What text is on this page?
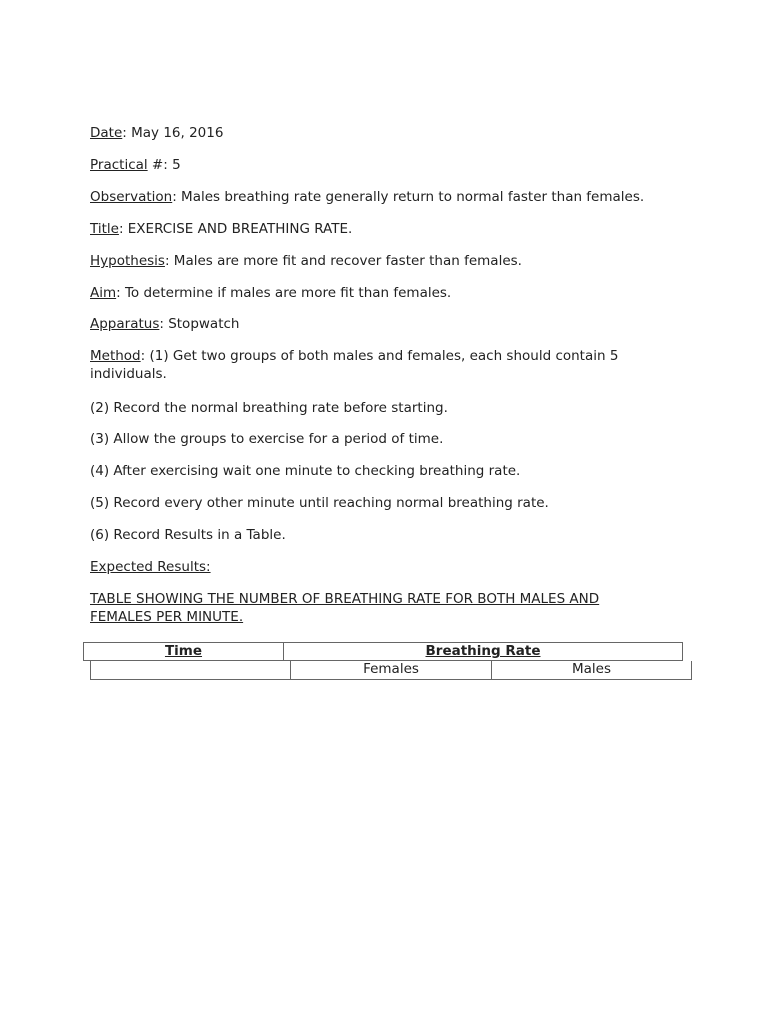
Date: May 16, 2016
Practical #: 5
Observation: Males breathing rate generally return to normal faster than females.
Title: EXERCISE AND BREATHING RATE.
Hypothesis: Males are more fit and recover faster than females.
Aim: To determine if males are more fit than females.
Apparatus: Stopwatch
Method: (1) Get two groups of both males and females, each should contain 5 individuals.
(2) Record the normal breathing rate before starting.
(3) Allow the groups to exercise for a period of time.
(4) After exercising wait one minute to checking breathing rate.
(5) Record every other minute until reaching normal breathing rate.
(6) Record Results in a Table.
Expected Results:
TABLE SHOWING THE NUMBER OF BREATHING RATE FOR BOTH MALES AND FEMALES PER MINUTE.
Time	Breathing Rate
Females	Males
